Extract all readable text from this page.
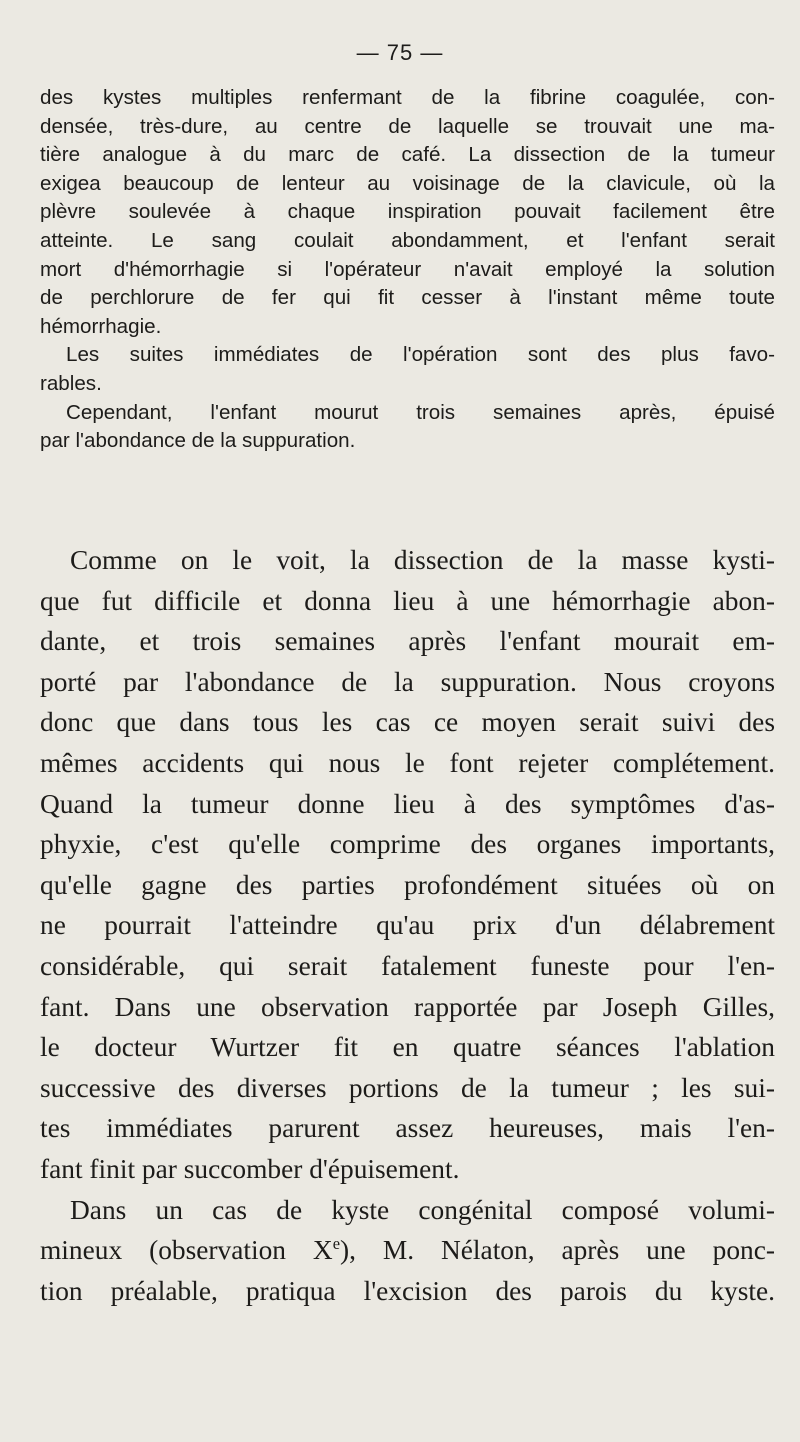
— 75 —
des kystes multiples renfermant de la fibrine coagulée, con-
densée, très-dure, au centre de laquelle se trouvait une ma-
tière analogue à du marc de café. La dissection de la tumeur
exigea beaucoup de lenteur au voisinage de la clavicule, où la
plèvre soulevée à chaque inspiration pouvait facilement être
atteinte. Le sang coulait abondamment, et l'enfant serait
mort d'hémorrhagie si l'opérateur n'avait employé la solution
de perchlorure de fer qui fit cesser à l'instant même toute
hémorrhagie.
Les suites immédiates de l'opération sont des plus favo-
rables.
Cependant, l'enfant mourut trois semaines après, épuisé
par l'abondance de la suppuration.
Comme on le voit, la dissection de la masse kysti-
que fut difficile et donna lieu à une hémorrhagie abon-
dante, et trois semaines après l'enfant mourait em-
porté par l'abondance de la suppuration. Nous croyons
donc que dans tous les cas ce moyen serait suivi des
mêmes accidents qui nous le font rejeter complétement.
Quand la tumeur donne lieu à des symptômes d'as-
phyxie, c'est qu'elle comprime des organes importants,
qu'elle gagne des parties profondément situées où on
ne pourrait l'atteindre qu'au prix d'un délabrement
considérable, qui serait fatalement funeste pour l'en-
fant. Dans une observation rapportée par Joseph Gilles,
le docteur Wurtzer fit en quatre séances l'ablation
successive des diverses portions de la tumeur ; les sui-
tes immédiates parurent assez heureuses, mais l'en-
fant finit par succomber d'épuisement.
Dans un cas de kyste congénital composé volumi-
mineux (observation Xe), M. Nélaton, après une ponc-
tion préalable, pratiqua l'excision des parois du kyste.
